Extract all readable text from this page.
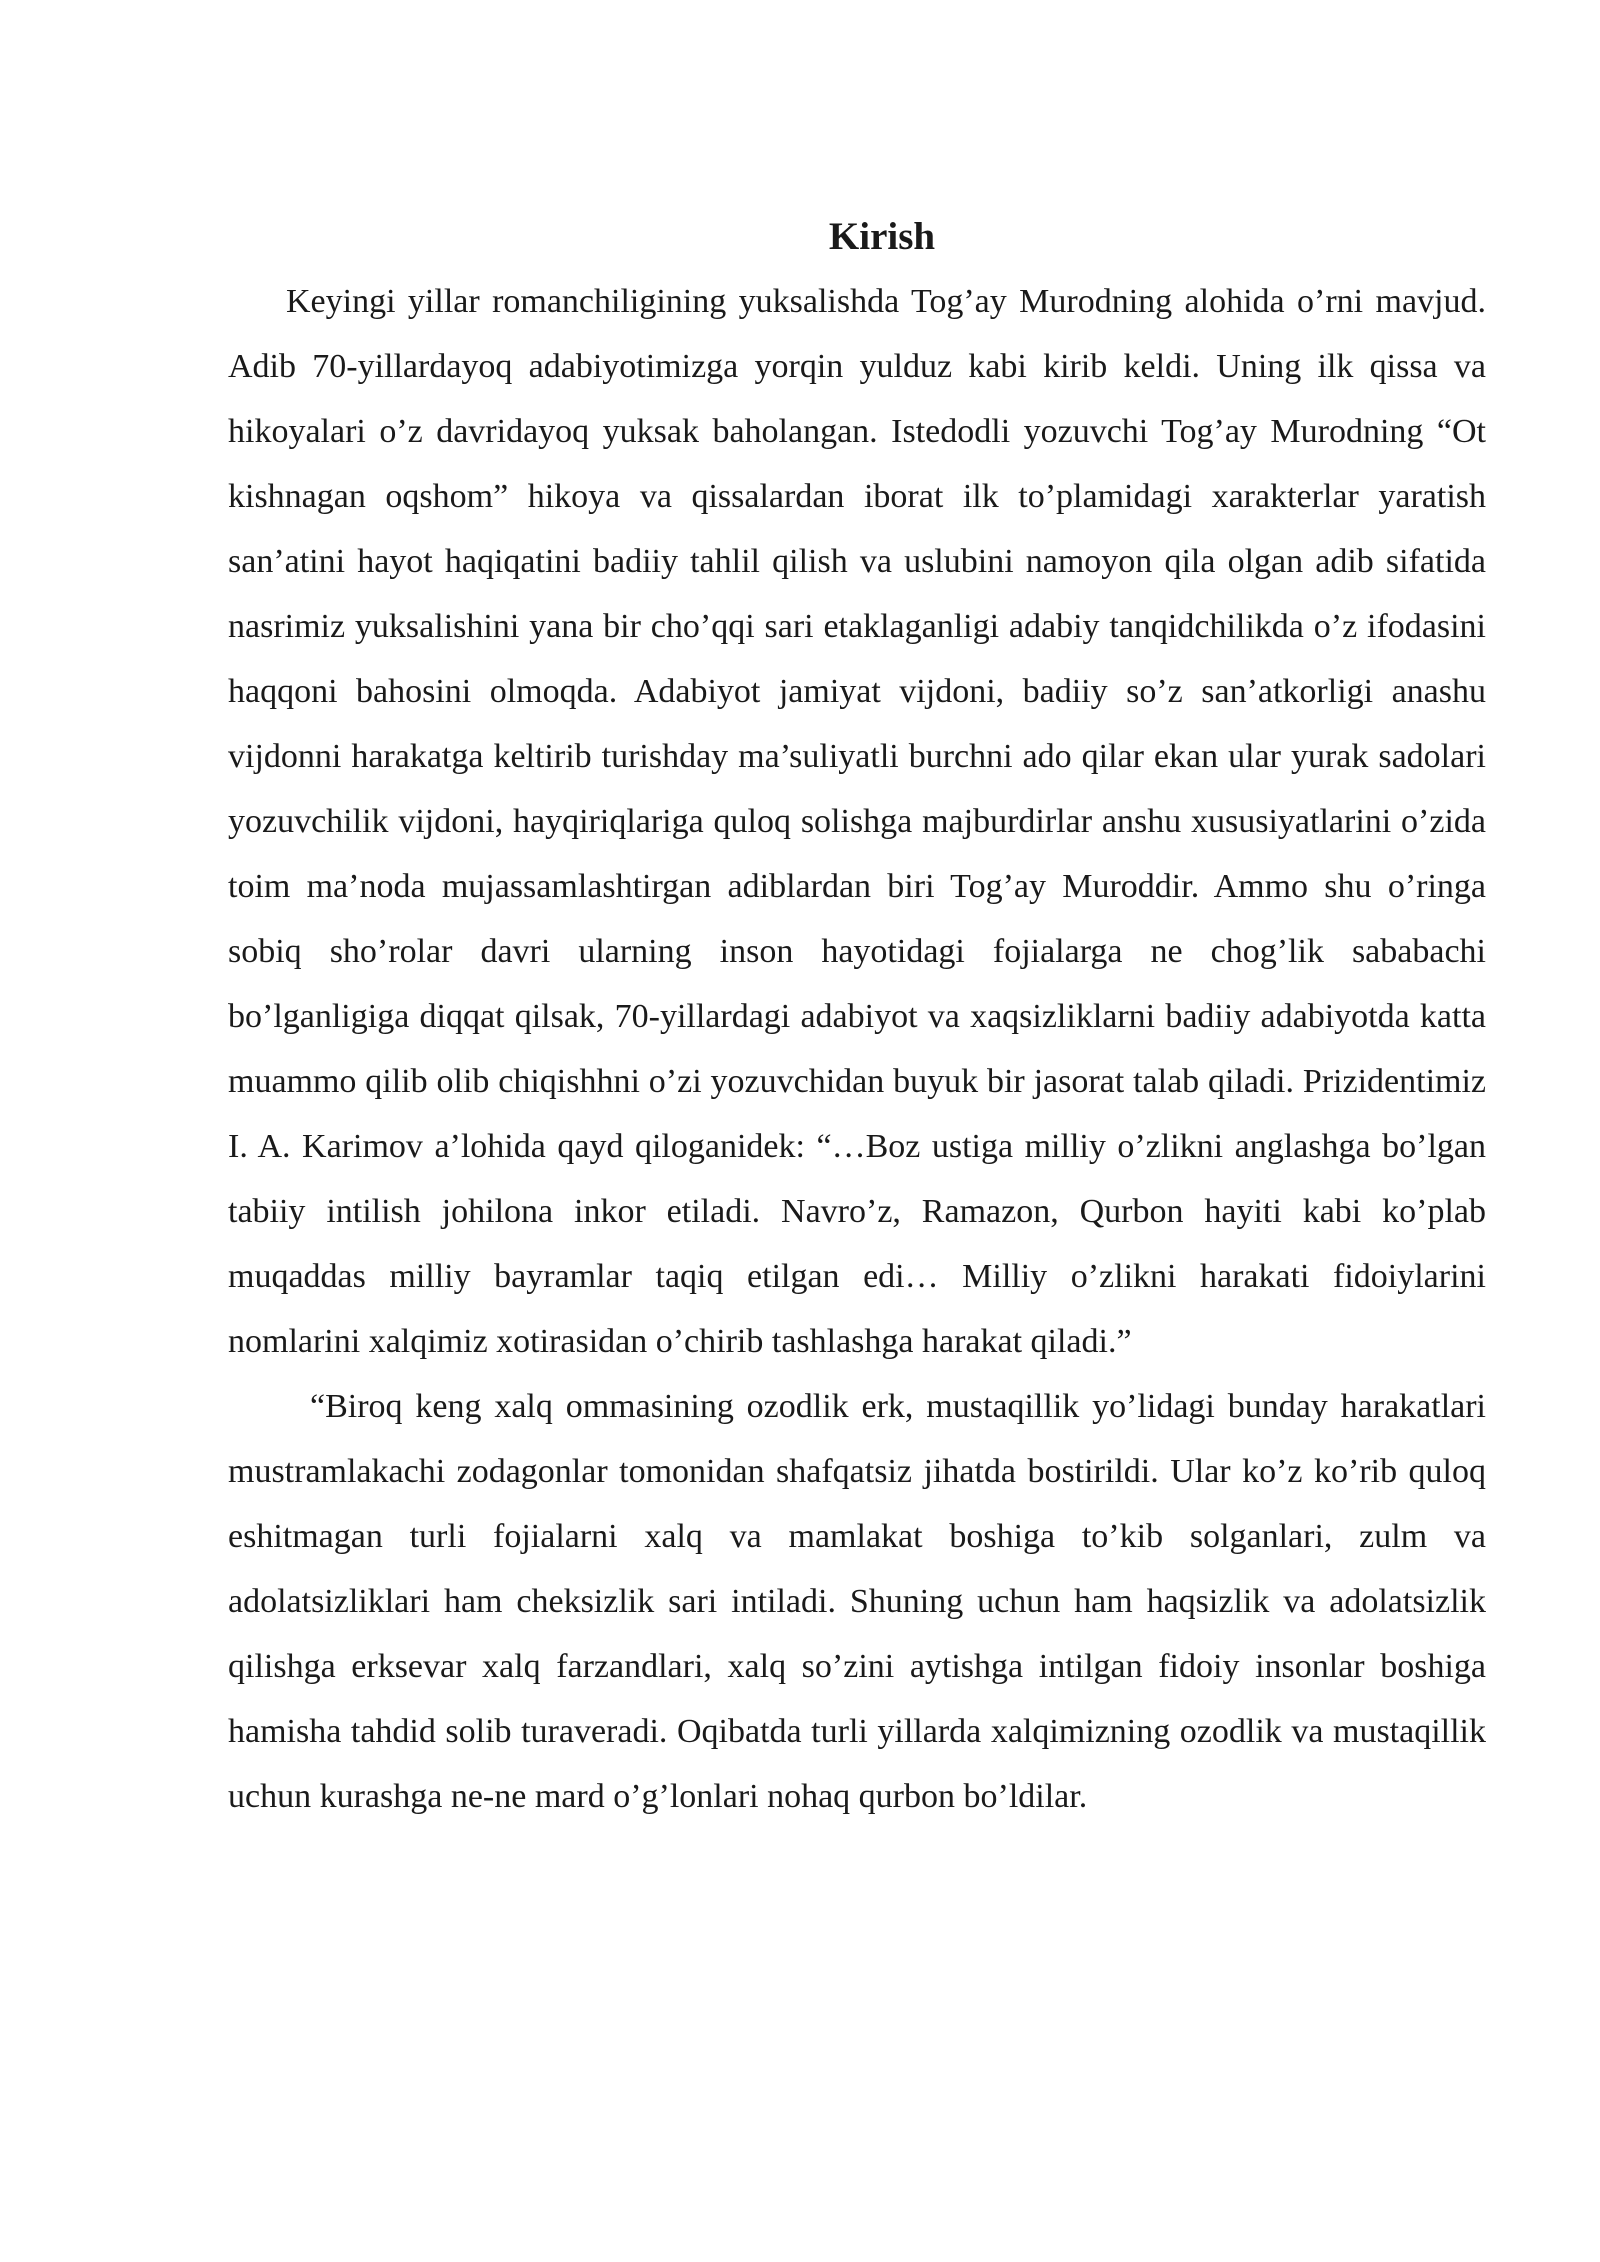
Kirish

Keyingi yillar romanchiligining yuksalishda Tog’ay Murodning alohida o’rni mavjud. Adib 70-yillardayoq adabiyotimizga yorqin yulduz kabi kirib keldi. Uning ilk qissa va hikoyalari o’z davridayoq yuksak baholangan. Istedodli yozuvchi Tog’ay Murodning “Ot kishnagan oqshom” hikoya va qissalardan iborat ilk to’plamidagi xarakterlar yaratish san’atini hayot haqiqatini badiiy tahlil qilish va uslubini namoyon qila olgan adib sifatida nasrimiz yuksalishini yana bir cho’qqi sari etaklaganligi adabiy tanqidchilikda o’z ifodasini haqqoni bahosini olmoqda. Adabiyot jamiyat vijdoni, badiiy so’z san’atkorligi anashu vijdonni harakatga keltirib turishday ma’suliyatli burchni ado qilar ekan ular yurak sadolari yozuvchilik vijdoni, hayqiriqlariga quloq solishga majburdirlar anshu xususiyatlarini o’zida toim ma’noda mujassamlashtirgan adiblardan biri Tog’ay Muroddir. Ammo shu o’ringa sobiq sho’rolar davri ularning inson hayotidagi fojialarga ne chog’lik sababachi bo’lganligiga diqqat qilsak, 70-yillardagi adabiyot va xaqsizliklarni badiiy adabiyotda katta muammo qilib olib chiqishhni o’zi yozuvchidan buyuk bir jasorat talab qiladi. Prizidentimiz I. A. Karimov a’lohida qayd qiloganidek: “…Boz ustiga milliy o’zlikni anglashga bo’lgan tabiiy intilish johilona inkor etiladi. Navro’z, Ramazon, Qurbon hayiti kabi ko’plab muqaddas milliy bayramlar taqiq etilgan edi… Milliy o’zlikni harakati fidoiylarini nomlarini xalqimiz xotirasidan o’chirib tashlashga harakat qiladi.”

“Biroq keng xalq ommasining ozodlik erk, mustaqillik yo’lidagi bunday harakatlari mustramlakachi zodagonlar tomonidan shafqatsiz jihatda bostirildi. Ular ko’z ko’rib quloq eshitmagan turli fojialarni xalq va mamlakat boshiga to’kib solganlari, zulm va adolatsizliklari ham cheksizlik sari intiladi. Shuning uchun ham haqsizlik va adolatsizlik qilishga erksevar xalq farzandlari, xalq so’zini aytishga intilgan fidoiy insonlar boshiga hamisha tahdid solib turaveradi. Oqibatda turli yillarda xalqimizning ozodlik va mustaqillik uchun kurashga ne-ne mard o’g’lonlari nohaq qurbon bo’ldilar.
